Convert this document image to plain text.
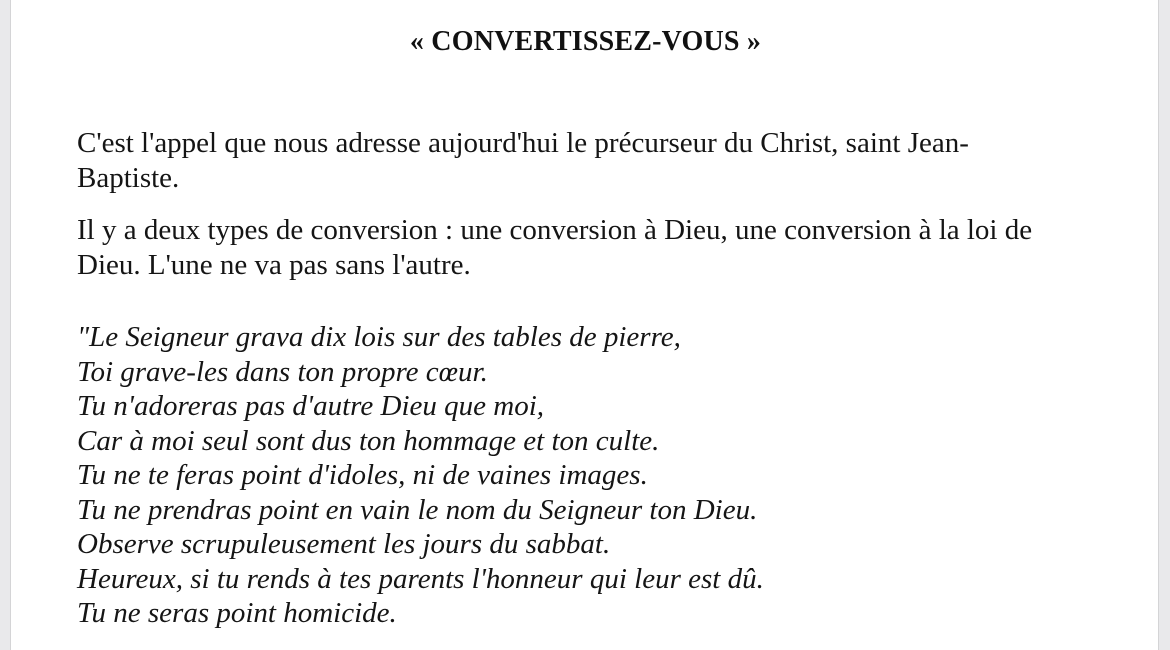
« CONVERTISSEZ-VOUS »

C'est l'appel que nous adresse aujourd'hui le précurseur du Christ, saint Jean-Baptiste.

Il y a deux types de conversion : une conversion à Dieu, une conversion à la loi de Dieu. L'une ne va pas sans l'autre.

"Le Seigneur grava dix lois sur des tables de pierre,
Toi grave-les dans ton propre cœur.
Tu n'adoreras pas d'autre Dieu que moi,
Car à moi seul sont dus ton hommage et ton culte.
Tu ne te feras point d'idoles, ni de vaines images.
Tu ne prendras point en vain le nom du Seigneur ton Dieu.
Observe scrupuleusement les jours du sabbat.
Heureux, si tu rends à tes parents l'honneur qui leur est dû.
Tu ne seras point homicide.
